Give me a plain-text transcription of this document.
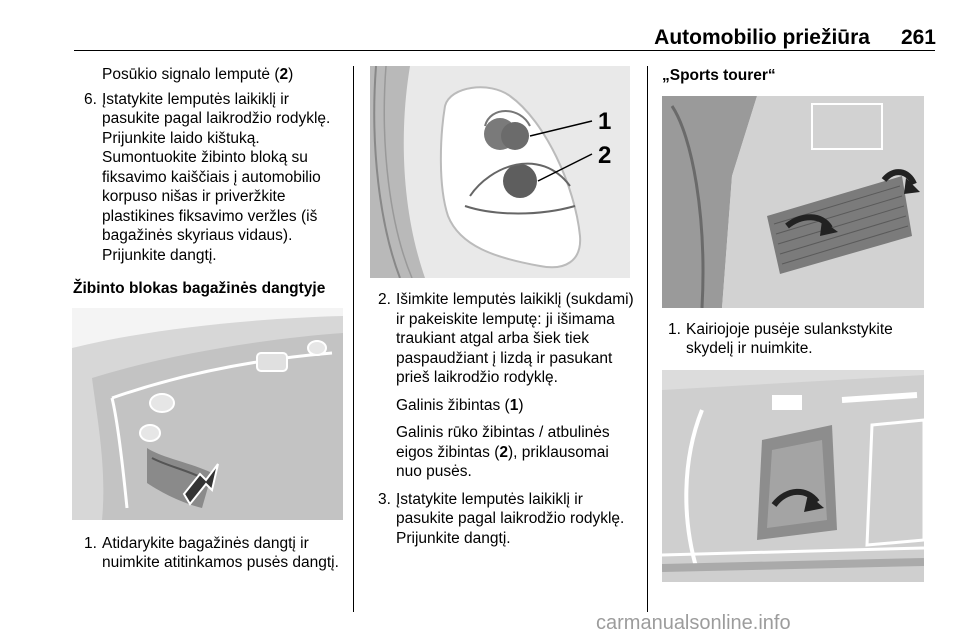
Automobilio priežiūra	261

Posūkio signalo lemputė (2)

6. Įstatykite lemputės laikiklį ir pasukite pagal laikrodžio rodyklę. Prijunkite laido kištuką. Sumontuokite žibinto bloką su fiksavimo kaiščiais į automobilio korpuso nišas ir priveržkite plastikines fiksavimo veržles (iš bagažinės skyriaus vidaus). Prijunkite dangtį.

Žibinto blokas bagažinės dangtyje

1. Atidarykite bagažinės dangtį ir nuimkite atitinkamos pusės dangtį.

1
2
2. Išimkite lemputės laikiklį (sukdami) ir pakeiskite lemputę: ji išimama traukiant atgal arba šiek tiek paspaudžiant į lizdą ir pasukant prieš laikrodžio rodyklę.

Galinis žibintas (1)

Galinis rūko žibintas / atbulinės eigos žibintas (2), priklausomai nuo pusės.

3. Įstatykite lemputės laikiklį ir pasukite pagal laikrodžio rodyklę. Prijunkite dangtį.

„Sports tourer“

1. Kairiojoje pusėje sulankstykite skydelį ir nuimkite.

carmanualsonline.info
